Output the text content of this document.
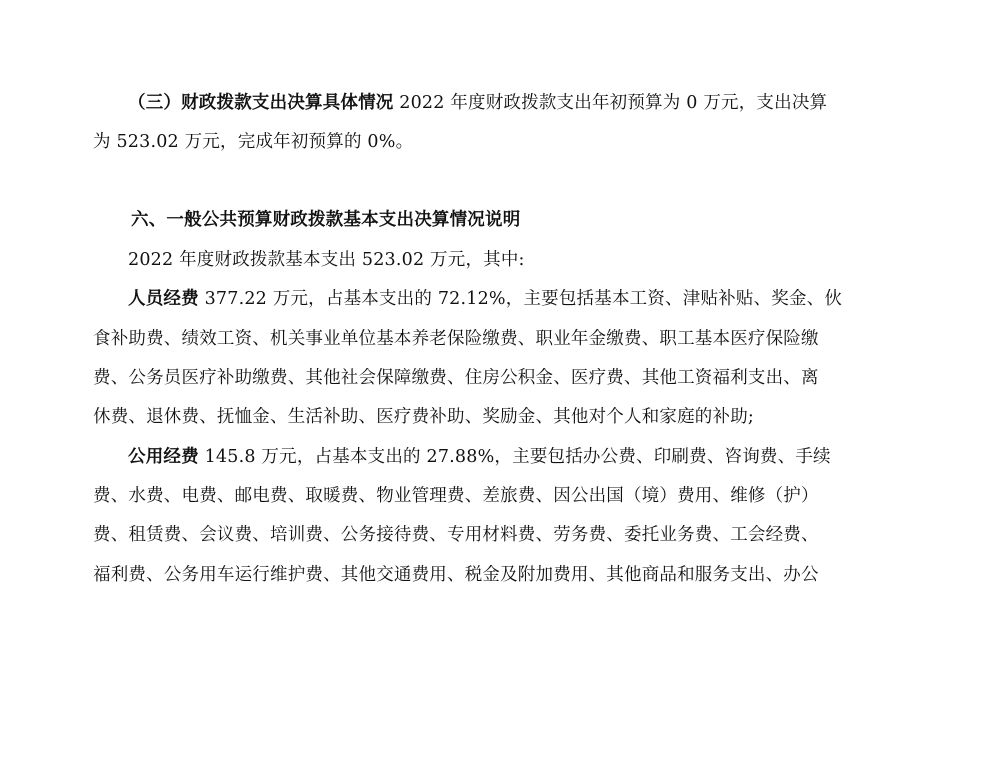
（三）财政拨款支出决算具体情况 2022 年度财政拨款支出年初预算为 0 万元，支出决算
为 523.02 万元，完成年初预算的 0%。
六、一般公共预算财政拨款基本支出决算情况说明
2022 年度财政拨款基本支出 523.02 万元，其中:
人员经费 377.22 万元，占基本支出的 72.12%，主要包括基本工资、津贴补贴、奖金、伙
食补助费、绩效工资、机关事业单位基本养老保险缴费、职业年金缴费、职工基本医疗保险缴
费、公务员医疗补助缴费、其他社会保障缴费、住房公积金、医疗费、其他工资福利支出、离
休费、退休费、抚恤金、生活补助、医疗费补助、奖励金、其他对个人和家庭的补助;
公用经费 145.8 万元，占基本支出的 27.88%，主要包括办公费、印刷费、咨询费、手续
费、水费、电费、邮电费、取暖费、物业管理费、差旅费、因公出国（境）费用、维修（护）
费、租赁费、会议费、培训费、公务接待费、专用材料费、劳务费、委托业务费、工会经费、
福利费、公务用车运行维护费、其他交通费用、税金及附加费用、其他商品和服务支出、办公
